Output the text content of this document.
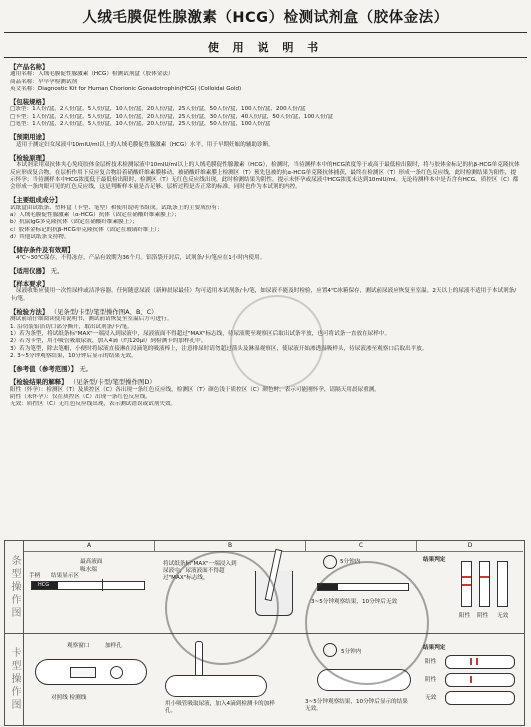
人绒毛膜促性腺激素（HCG）检测试剂盒（胶体金法）
使 用 说 明 书
【产品名称】
通用名称：人绒毛膜促性腺激素（HCG）检测试剂盒（胶体金法）
商品名称：早早孕检测试剂
英文名称：Diagnostic Kit for Human Chorionic Gonadotrophin(HCG) (Colloidal Gold)
【包装规格】
□条型：1人份/盒，2人份/盒，5人份/盒，10人份/盒，20人份/盒，25人份/盒，50人份/盒，100人份/盒，200人份/盒
□卡型：1人份/盒，2人份/盒，5人份/盒，10人份/盒，20人份/盒，25人份/盒，30人份/盒，40人份/盒，50人份/盒，100人份/盒
□笔型：1人份/盒，2人份/盒，5人份/盒，10人份/盒，20人份/盒，25人份/盒，50人份/盒，100人份/盒
【预期用途】
适用于测定妇女尿液中10mIU/ml以上的人绒毛膜促性腺激素（HCG）水平，用于早期妊娠的辅助诊断。
【检验原理】
本试剂采用双抗体夹心免疫胶体金层析技术检测尿液中10mIU/ml以上的人绒毛膜促性腺激素（HCG），检测时，当待测样本中的HCG浓度等于或高于最低检出限时，将与胶体金标记的抗β-HCG单克隆抗体反应形成复合物，在层析作用下反应复合物沿着硝酸纤维素膜移动，被硝酸纤维素膜上检测区（T）预先包被的抗α-HCG单克隆抗体捕获，最终在检测区（T）形成一条红色反应线，此时检测结果为阳性，提示怀孕；当待测样本中HCG浓度低于最低检出限时，检测区（T）无红色反应线出现，此时检测结果为阴性，提示未怀孕或尿液中HCG浓度未达到10mIU/ml。无论待测样本中是否含有HCG，质控区（C）都会形成一条肉眼可见的红色反应线，这是判断样本量是否足够、层析过程是否正常的标准，同时也作为本试剂的内控。
【主要组成成分】
试纸盒由试纸条、塑料盒（卡型、笔型）和使用说明书组成。试纸条上的主要成份有：
a）人绒毛膜促性腺激素（α-HCG）抗体（固定在硝酸纤维素膜上）；
b）抗鼠IgG多克隆抗体（固定在硝酸纤维素膜上）；
c）胶体金标记的抗β-HCG单克隆抗体（固定在玻璃纤维上）；
d）其他试纸条支持物。
【储存条件及有效期】
4℃~30℃保存，不得冻存，产品有效期为36个月。铝箔袋开封后，试剂条/卡/笔应在1小时内使用。
【适用仪器】 无。
【样本要求】
尿液收集应使用一次性尿样或洁净容器。任何随意尿液（新鲜晨尿最佳）均可适用本试剂条/卡/笔，如尿液不能及时检验，应置4℃冰箱保存，测试前尿液应恢复至室温。2天以上的尿液不适用于本试剂条/卡/笔。
【检验方法】 （见条型/卡型/笔型操作图A、B、C）
测试前请仔细阅读使用说明书，测试前请恢复至室温后方可进行。
1. 沿切装铝箔切口部分撕开，取出试剂条/卡/笔。
1）若为条型，将试纸条标"MAX"一端浸入到尿液中，尿液液面不得超过"MAX"标志线，待尿液爬至观察区后取出试条平放，也可将试条一直放在尿样中。
2）若为卡型，用小吸管吸取尿液，加入4滴（约120μl）到检测卡的加样孔中。
3）若为笔型，除去笔帽，小便时将尿液直接淋在浸滴笔的吸液棒上，注意排尿时请勿超过箭头及淋湿观察区，使尿液开始渗透湿吸样头，待尿液渗至观察口后取出平放。
2. 3~5分钟观察结果，10分钟后显示的结果无效。
【参考值（参考范围）】 无。
【检验结果的解释】 （见条型/卡型/笔型操作图D）
阳性（怀孕）：检测区（T）及质控区（C）各出现一条红色反应线，检测区（T）颜色浅于质控区（C）颜色时，表示可能刚怀孕，请隔天用晨尿重测。
阴性（未怀孕）：仅在质控区（C）出现一条红色反应线。
无效：质控区（C）无红色反应线出现，表示测试错误或试剂失效。
条型操作图
A	B	C	D
最高液面
吸水端
手柄 结果显示区
HCG
将试纸条标"MAX"一端浸入到尿液中，尿液液面不得超过"MAX"标志线，
5分钟内
3~5分钟观察结果，10分钟后无效
结果判定
阳性 阴性 无效
卡型操作图
观察窗口	加样孔
对照线 检测线
用小吸管吸取尿液，加入4滴到检测卡的加样孔。
5分钟内
3~5分钟观察结果，10分钟后显示的结果无效。
结果判定
阳性
阴性
无效
